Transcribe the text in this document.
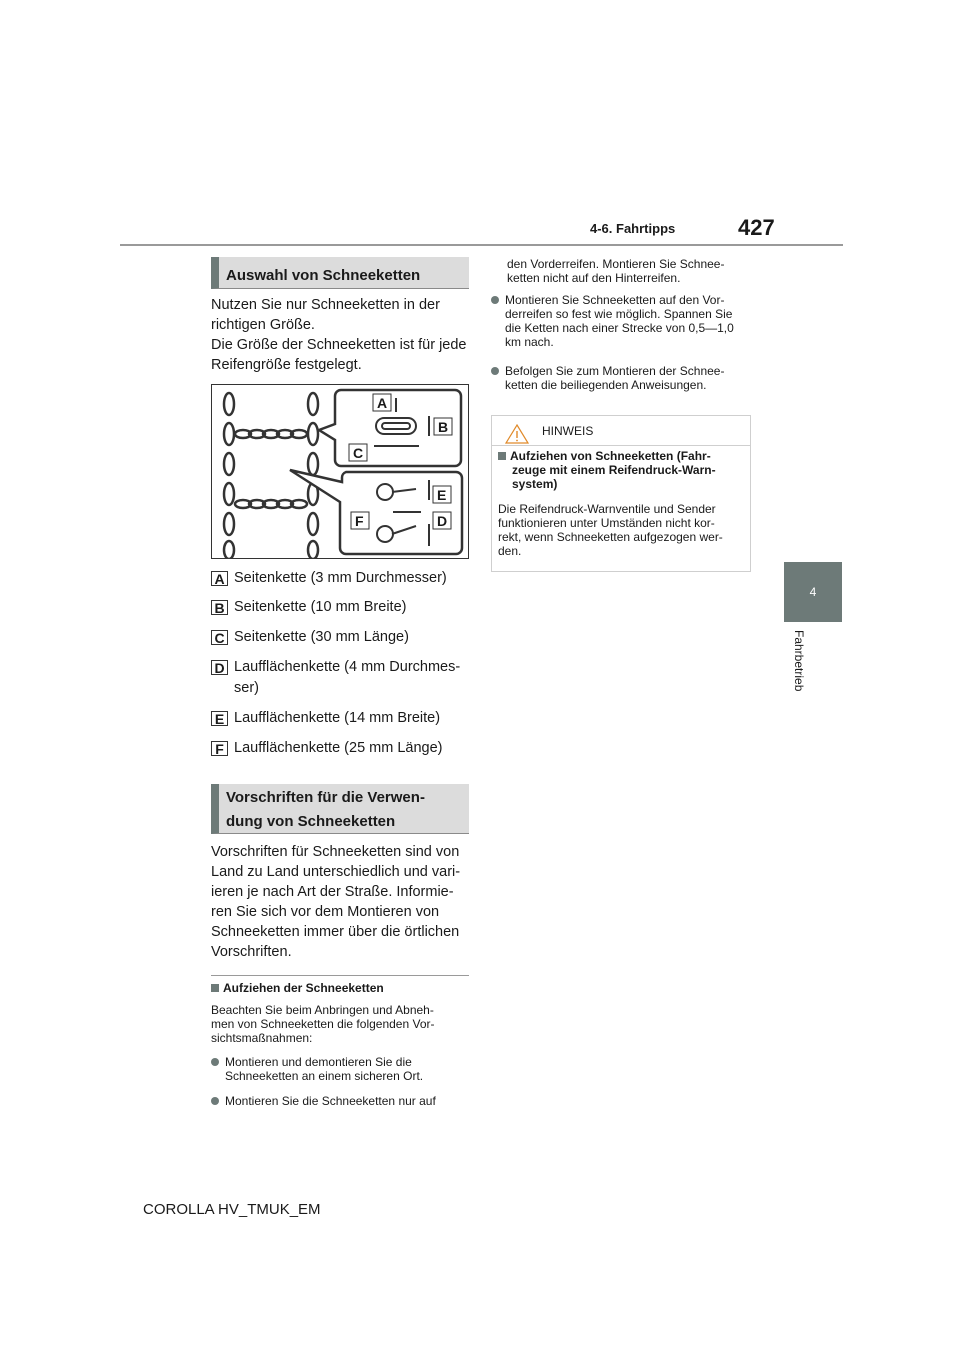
4-6. Fahrtipps	427
4
Fahrbetrieb
Auswahl von Schneeketten
Nutzen Sie nur Schneeketten in der
richtigen Größe.
Die Größe der Schneeketten ist für jede
Reifengröße festgelegt.
A
B
C
E
F	D
A Seitenkette (3 mm Durchmesser)
B Seitenkette (10 mm Breite)
C Seitenkette (30 mm Länge)
D Laufflächenkette (4 mm Durchmes-
ser)
E Laufflächenkette (14 mm Breite)
F Laufflächenkette (25 mm Länge)
Vorschriften für die Verwen-
dung von Schneeketten
Vorschriften für Schneeketten sind von
Land zu Land unterschiedlich und vari-
ieren je nach Art der Straße. Informie-
ren Sie sich vor dem Montieren von
Schneeketten immer über die örtlichen
Vorschriften.
Aufziehen der Schneeketten
Beachten Sie beim Anbringen und Abneh-
men von Schneeketten die folgenden Vor-
sichtsmaßnahmen:
Montieren und demontieren Sie die
Schneeketten an einem sicheren Ort.
Montieren Sie die Schneeketten nur auf
den Vorderreifen. Montieren Sie Schnee-
ketten nicht auf den Hinterreifen.
Montieren Sie Schneeketten auf den Vor-
derreifen so fest wie möglich. Spannen Sie
die Ketten nach einer Strecke von 0,5—1,0
km nach.
Befolgen Sie zum Montieren der Schnee-
ketten die beiliegenden Anweisungen.
HINWEIS
Aufziehen von Schneeketten (Fahr-
zeuge mit einem Reifendruck-Warn-
system)
Die Reifendruck-Warnventile und Sender
funktionieren unter Umständen nicht kor-
rekt, wenn Schneeketten aufgezogen wer-
den.
COROLLA HV_TMUK_EM
